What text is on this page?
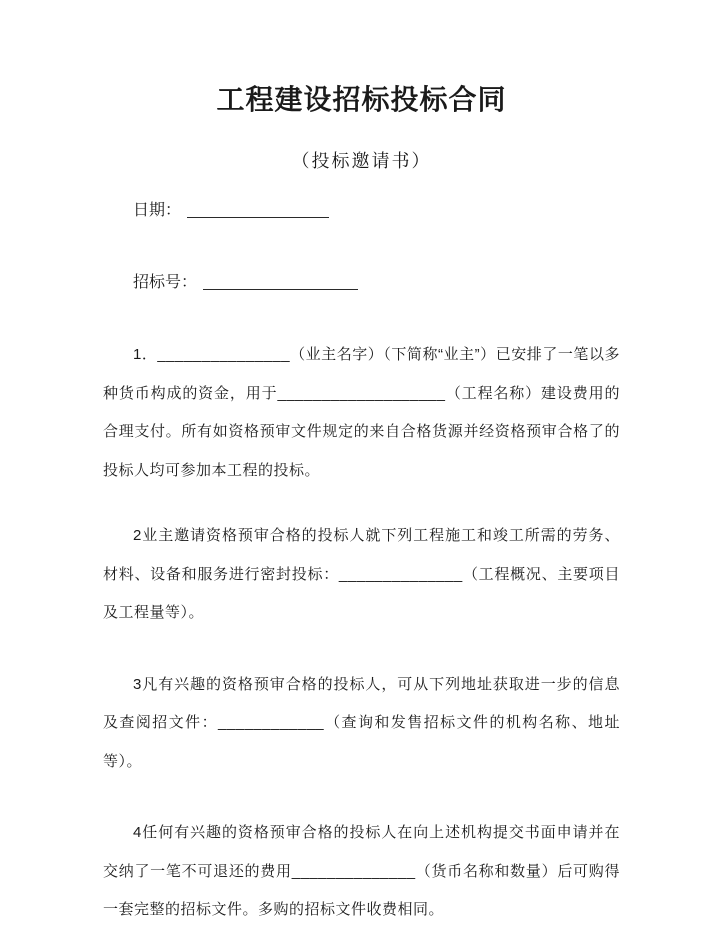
工程建设招标投标合同
（投标邀请书）
日期：
招标号：

1．_______________（业主名字）（下简称“业主”）已安排了一笔以多种货币构成的资金，用于___________________（工程名称）建设费用的合理支付。所有如资格预审文件规定的来自合格货源并经资格预审合格了的投标人均可参加本工程的投标。

2业主邀请资格预审合格的投标人就下列工程施工和竣工所需的劳务、材料、设备和服务进行密封投标：______________（工程概况、主要项目及工程量等）。

3凡有兴趣的资格预审合格的投标人，可从下列地址获取进一步的信息及查阅招文件：____________（查询和发售招标文件的机构名称、地址等）。

4任何有兴趣的资格预审合格的投标人在向上述机构提交书面申请并在交纳了一笔不可退还的费用______________（货币名称和数量）后可购得一套完整的招标文件。多购的招标文件收费相同。
